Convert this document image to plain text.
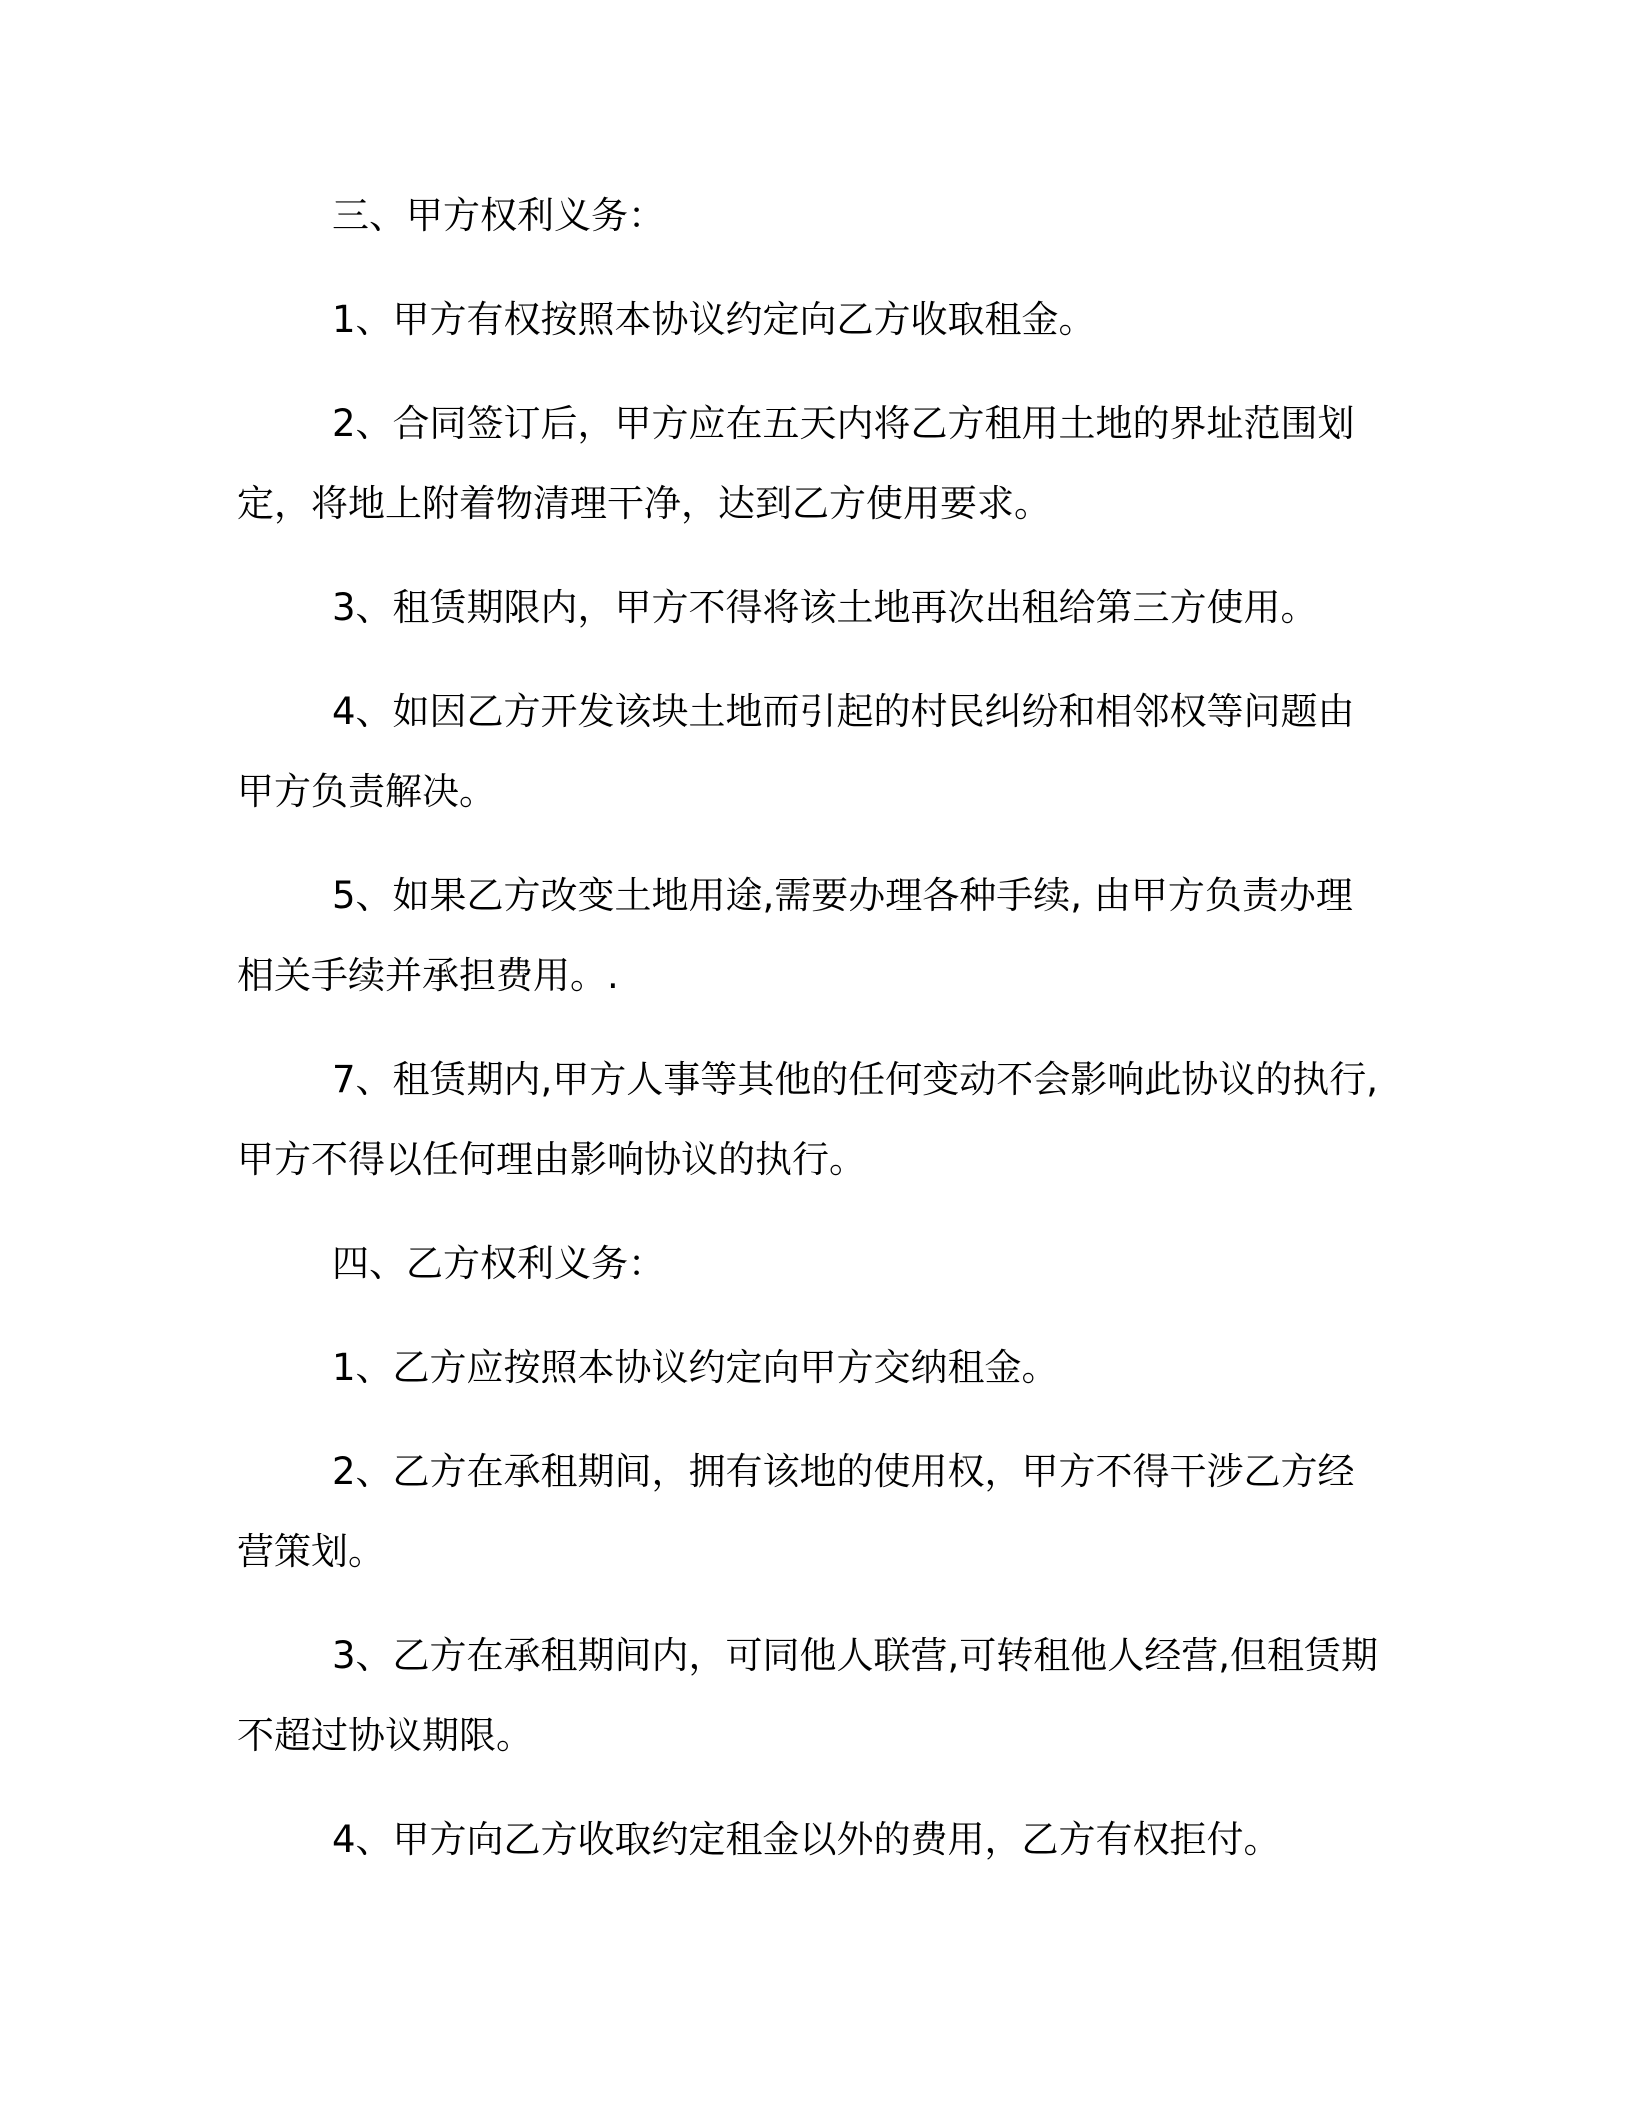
三、甲方权利义务：
1、甲方有权按照本协议约定向乙方收取租金。
2、合同签订后，甲方应在五天内将乙方租用土地的界址范围划定，将地上附着物清理干净，达到乙方使用要求。
3、租赁期限内，甲方不得将该土地再次出租给第三方使用。
4、如因乙方开发该块土地而引起的村民纠纷和相邻权等问题由甲方负责解决。
5、如果乙方改变土地用途,需要办理各种手续, 由甲方负责办理相关手续并承担费用。.
7、租赁期内,甲方人事等其他的任何变动不会影响此协议的执行,甲方不得以任何理由影响协议的执行。
四、乙方权利义务：
1、乙方应按照本协议约定向甲方交纳租金。
2、乙方在承租期间，拥有该地的使用权，甲方不得干涉乙方经营策划。
3、乙方在承租期间内，可同他人联营,可转租他人经营,但租赁期不超过协议期限。
4、甲方向乙方收取约定租金以外的费用，乙方有权拒付。
